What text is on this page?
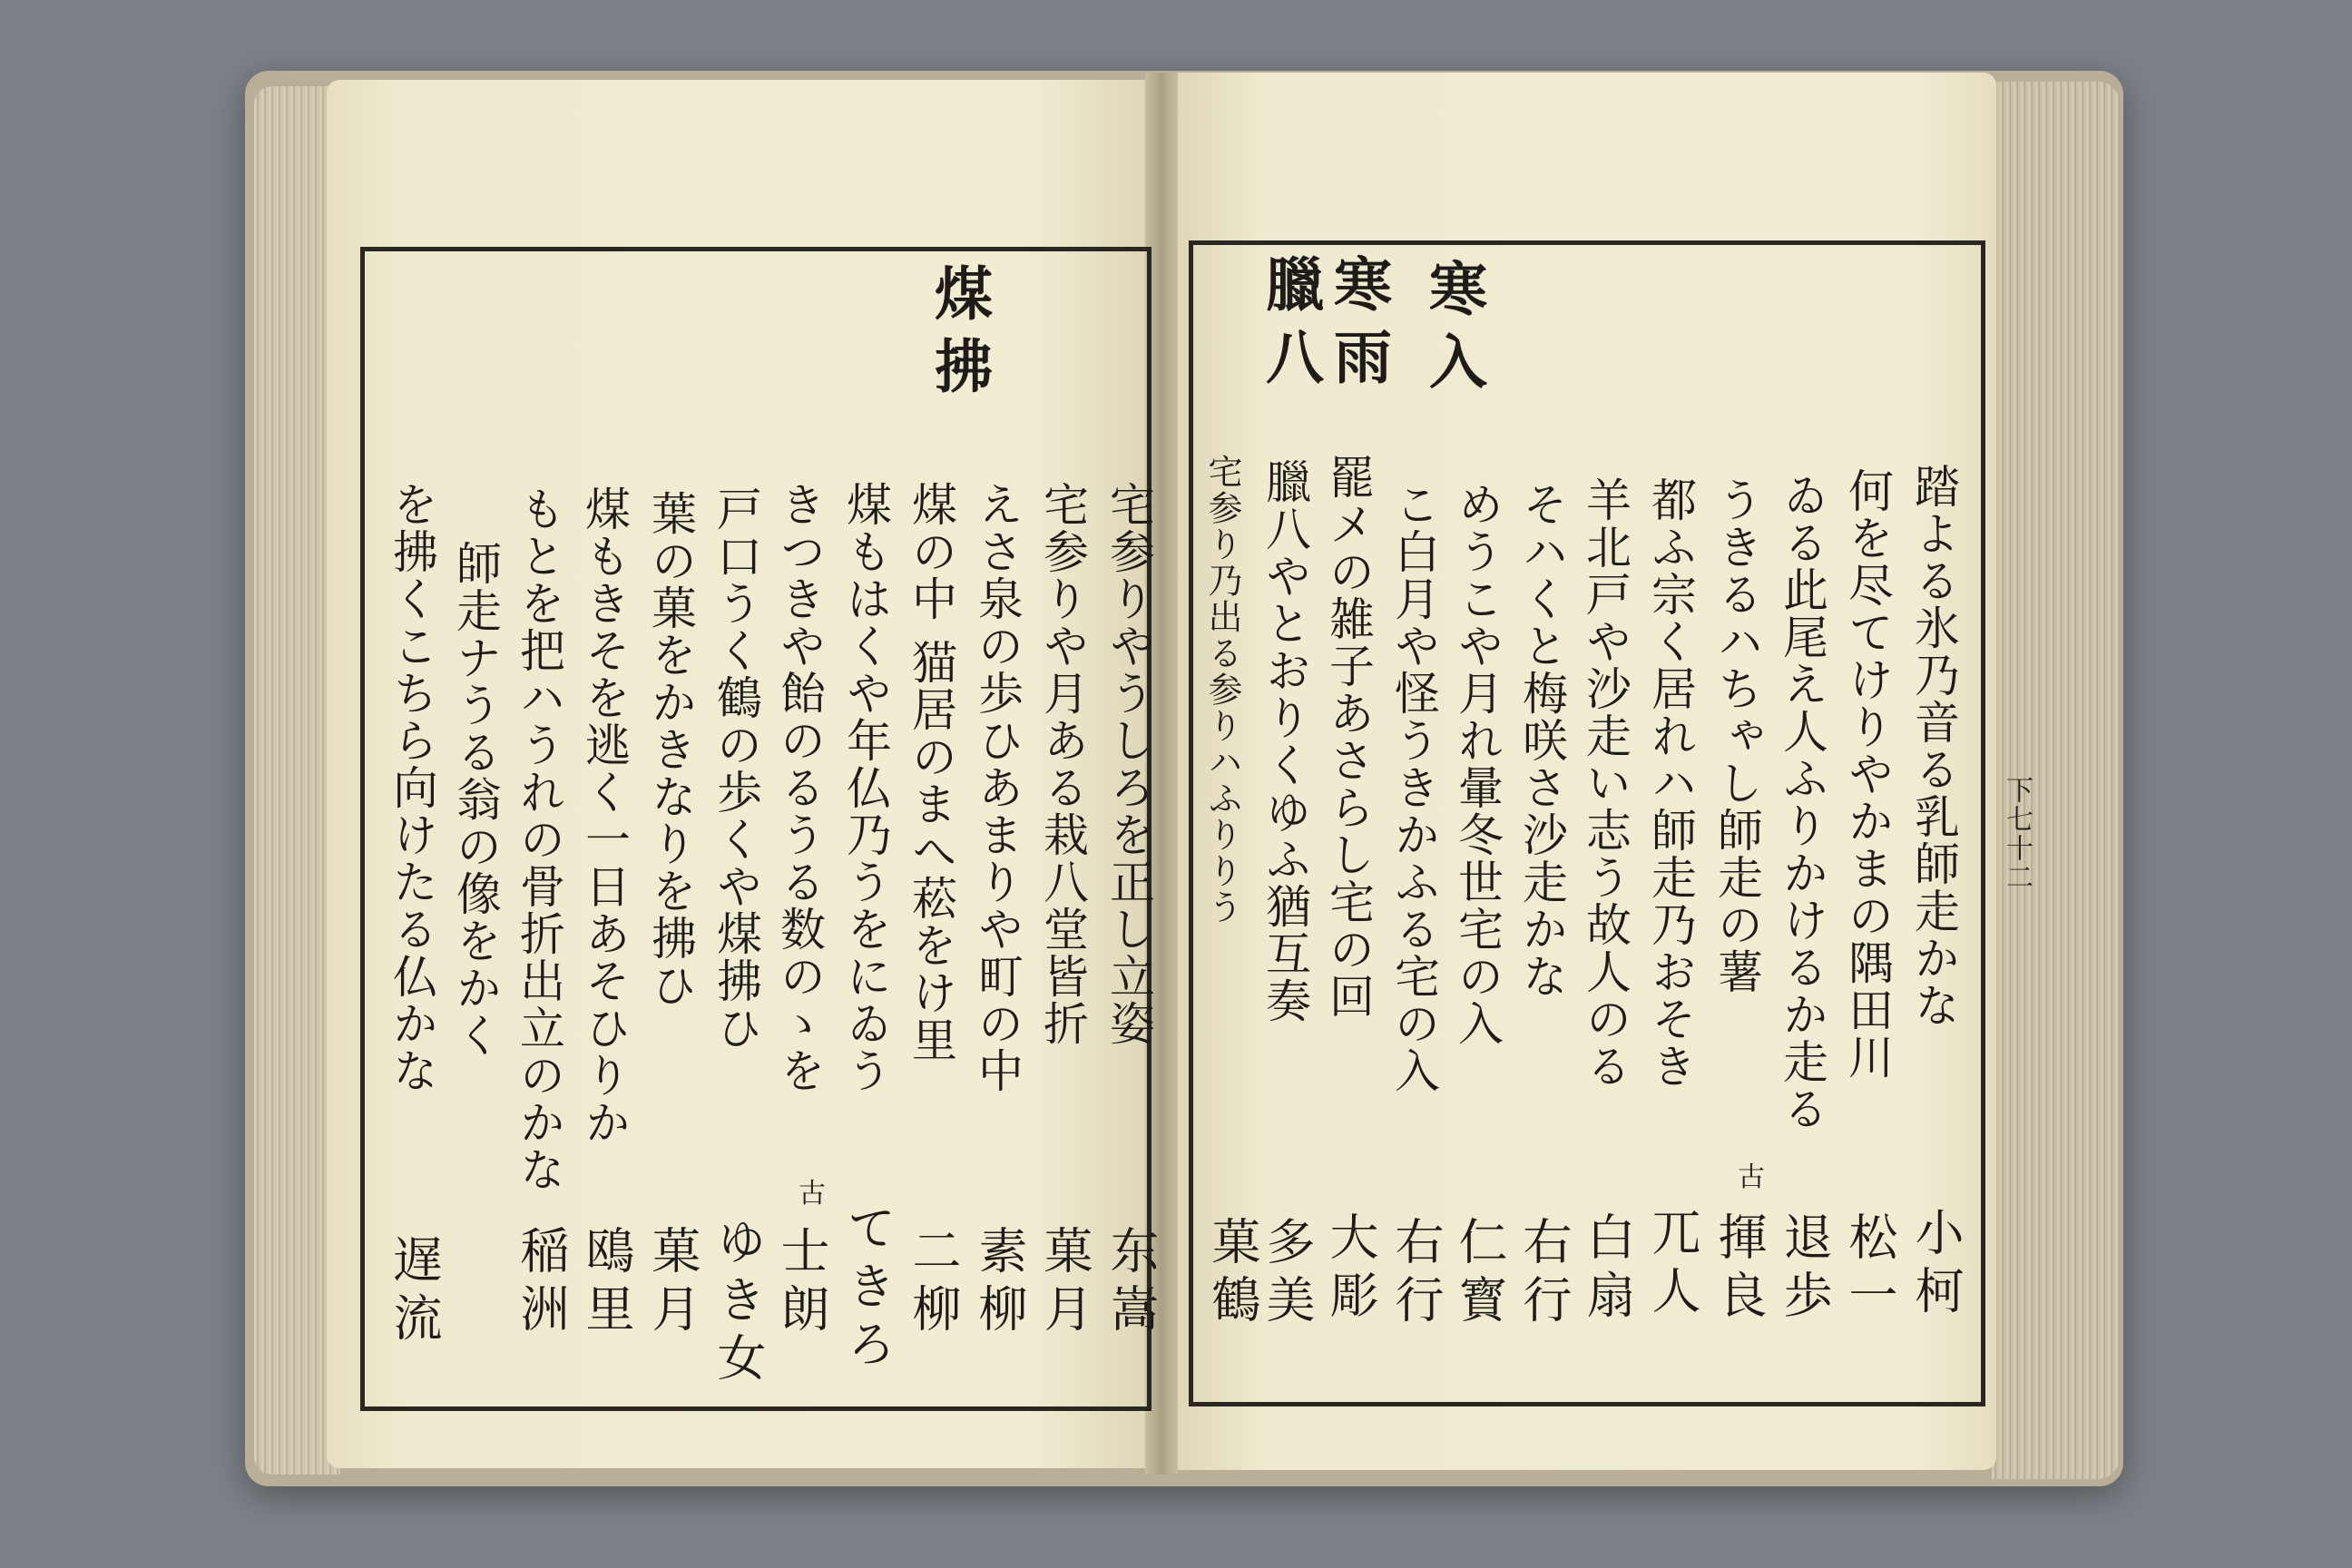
下七十二
寒入
寒雨
臘八
踏よる氷乃音る乳師走かな
小柯
何を尽てけりやかまの隅田川
松一
ゐる此尾え人ふりかけるか走る
退歩
うきるハちゃし師走の薯
揮良
古
都ふ宗く居れハ師走乃おそき
兀人
羊北戸や沙走い志う故人のる
白扇
そハくと梅咲さ沙走かな
右行
めうこや月れ暈冬世宅の入
仁寳
こ白月や怪うきかふる宅の入
右行
罷メの雑子あさらし宅の回
大彫
臘八やとおりくゆふ猶互奏
多美
宅参り乃出る参りハふりりう
菓鶴
煤拂
宅参りやうしろを正し立姿
东嵩
宅参りや月ある栽八堂皆折
菓月
えさ泉の歩ひあまりや町の中
素柳
煤の中 猫居のまへ菘をけ里
二柳
煤もはくや年仏乃うをにゐう
てきろ
きつきや飴のるうる数のゝを
士朗
古
戸口うく鶴の歩くや煤拂ひ
ゆき女
葉の菓をかきなりを拂ひ
菓月
煤もきそを逃く一日あそひりか
鴎里
もとを把ハうれの骨折出立のかな
稲洲
師走ナうる翁の像をかく
を拂くこちら向けたる仏かな
遅流
